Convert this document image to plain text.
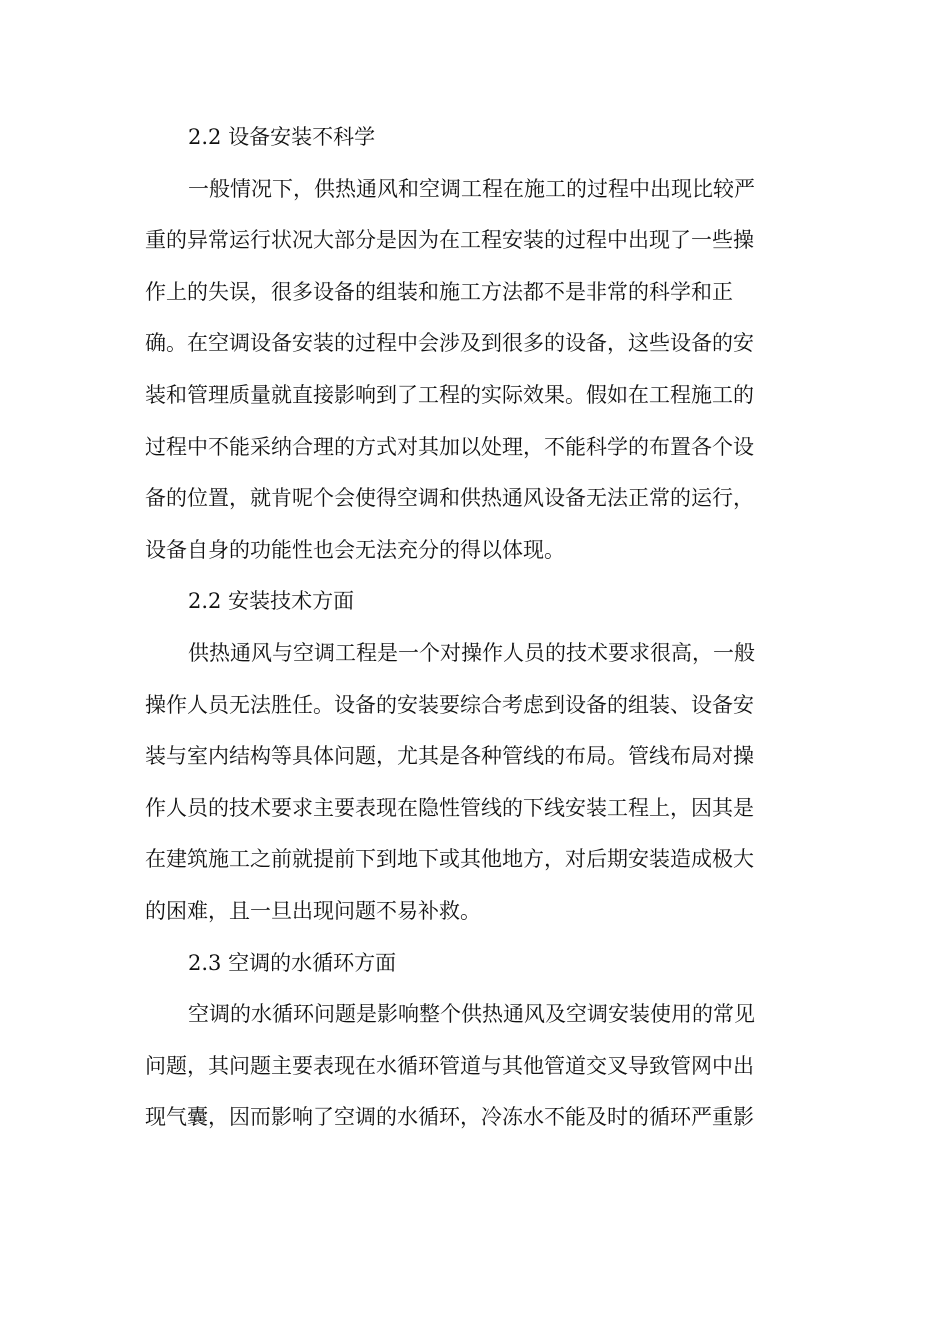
2.2 设备安装不科学
一般情况下，供热通风和空调工程在施工的过程中出现比较严
重的异常运行状况大部分是因为在工程安装的过程中出现了一些操
作上的失误，很多设备的组装和施工方法都不是非常的科学和正
确。在空调设备安装的过程中会涉及到很多的设备，这些设备的安
装和管理质量就直接影响到了工程的实际效果。假如在工程施工的
过程中不能采纳合理的方式对其加以处理，不能科学的布置各个设
备的位置，就肯呢个会使得空调和供热通风设备无法正常的运行，
设备自身的功能性也会无法充分的得以体现。
2.2 安装技术方面
供热通风与空调工程是一个对操作人员的技术要求很高，一般
操作人员无法胜任。设备的安装要综合考虑到设备的组装、设备安
装与室内结构等具体问题，尤其是各种管线的布局。管线布局对操
作人员的技术要求主要表现在隐性管线的下线安装工程上，因其是
在建筑施工之前就提前下到地下或其他地方，对后期安装造成极大
的困难，且一旦出现问题不易补救。
2.3 空调的水循环方面
空调的水循环问题是影响整个供热通风及空调安装使用的常见
问题，其问题主要表现在水循环管道与其他管道交叉导致管网中出
现气囊，因而影响了空调的水循环，冷冻水不能及时的循环严重影
